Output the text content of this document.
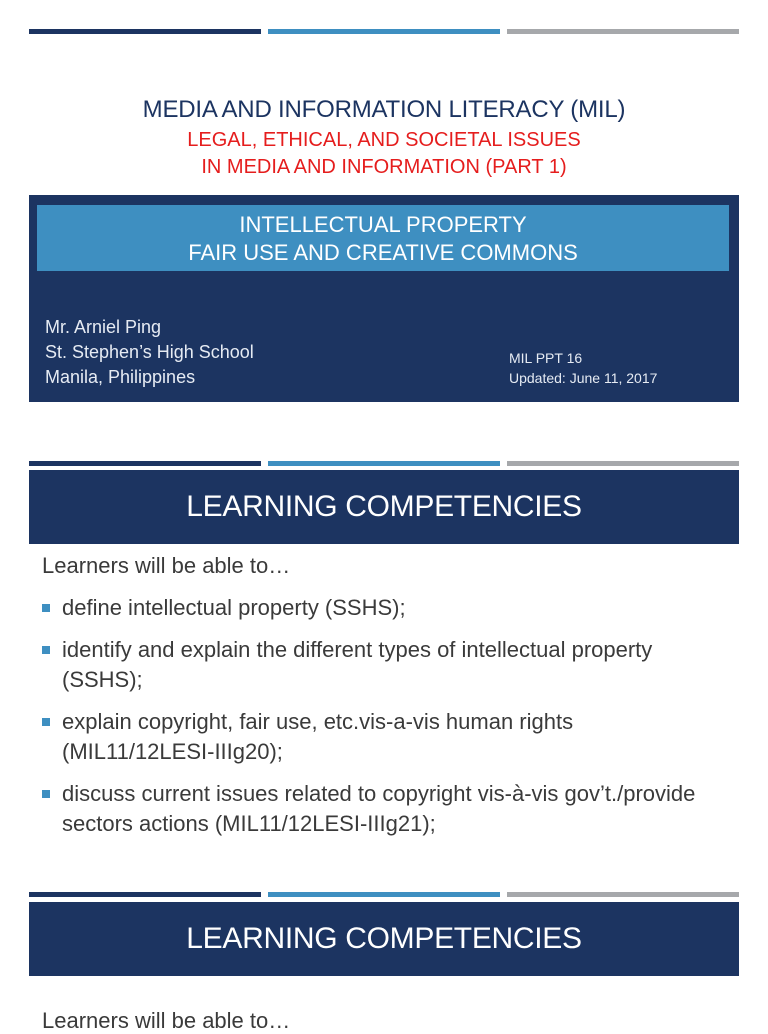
MEDIA AND INFORMATION LITERACY (MIL)
LEGAL, ETHICAL, AND SOCIETAL ISSUES
IN MEDIA AND INFORMATION (PART 1)
INTELLECTUAL PROPERTY
FAIR USE AND CREATIVE COMMONS
Mr. Arniel Ping
St. Stephen’s High School
Manila, Philippines
MIL PPT 16
Updated: June 11, 2017
LEARNING COMPETENCIES
Learners will be able to…
define intellectual property (SSHS);
identify and explain the different types of intellectual property (SSHS);
explain copyright, fair use, etc.vis-a-vis human rights (MIL11/12LESI-IIIg20);
discuss current issues related to copyright vis-à-vis gov’t./provide sectors actions (MIL11/12LESI-IIIg21);
LEARNING COMPETENCIES
Learners will be able to…
